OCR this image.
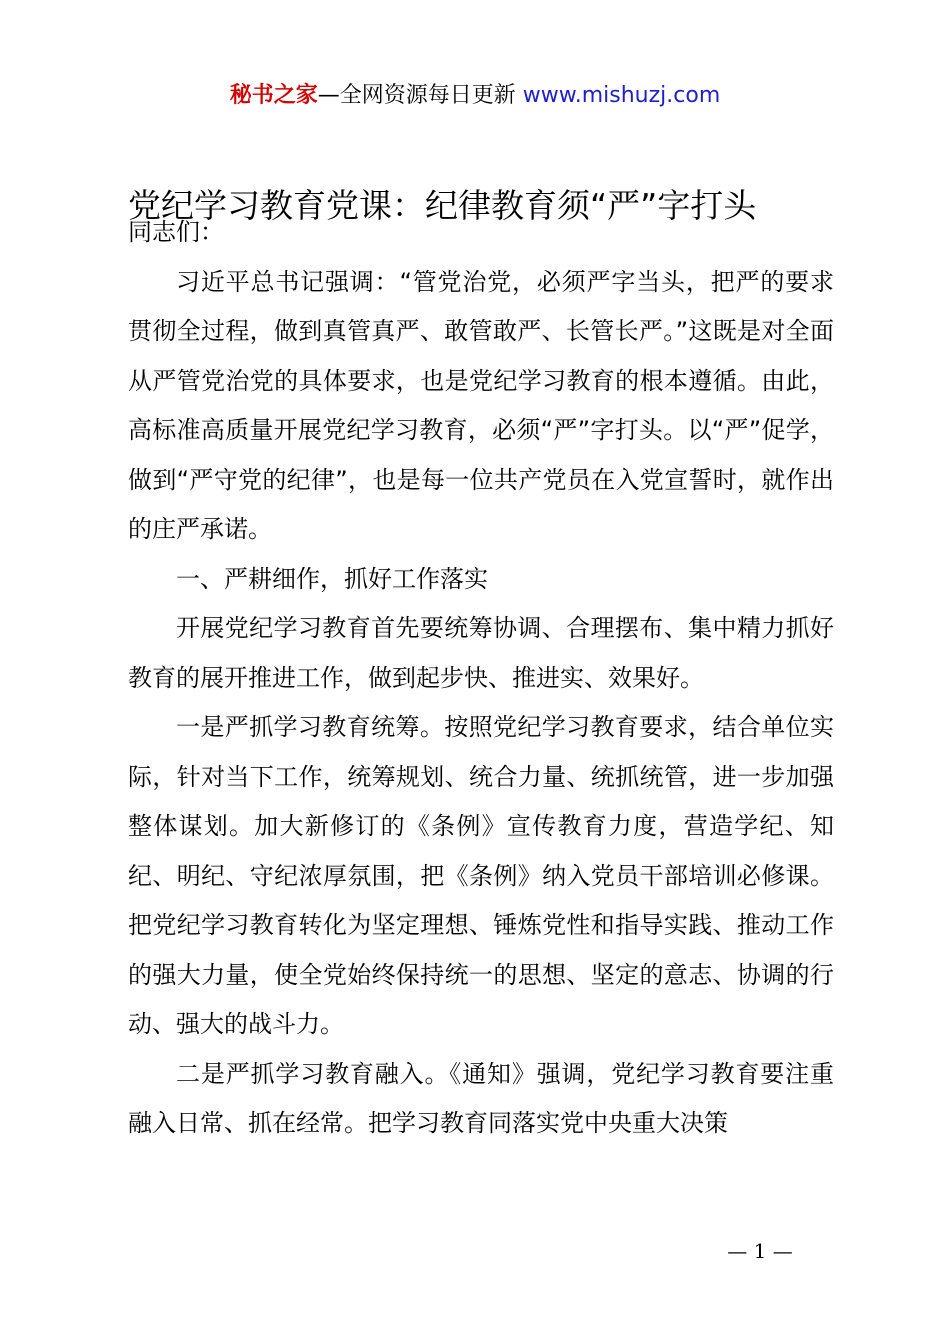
秘书之家—全网资源每日更新 www.mishuzj.com
党纪学习教育党课：纪律教育须“严”字打头

同志们：

习近平总书记强调：“管党治党，必须严字当头，把严的要求贯彻全过程，做到真管真严、敢管敢严、长管长严。”这既是对全面从严管党治党的具体要求，也是党纪学习教育的根本遵循。由此，高标准高质量开展党纪学习教育，必须“严”字打头。以“严”促学，做到“严守党的纪律”，也是每一位共产党员在入党宣誓时，就作出的庄严承诺。

一、严耕细作，抓好工作落实

开展党纪学习教育首先要统筹协调、合理摆布、集中精力抓好教育的展开推进工作，做到起步快、推进实、效果好。

一是严抓学习教育统筹。按照党纪学习教育要求，结合单位实际，针对当下工作，统筹规划、统合力量、统抓统管，进一步加强整体谋划。加大新修订的《条例》宣传教育力度，营造学纪、知纪、明纪、守纪浓厚氛围，把《条例》纳入党员干部培训必修课。把党纪学习教育转化为坚定理想、锤炼党性和指导实践、推动工作的强大力量，使全党始终保持统一的思想、坚定的意志、协调的行动、强大的战斗力。

二是严抓学习教育融入。《通知》强调，党纪学习教育要注重融入日常、抓在经常。把学习教育同落实党中央重大决策

— 1 —
